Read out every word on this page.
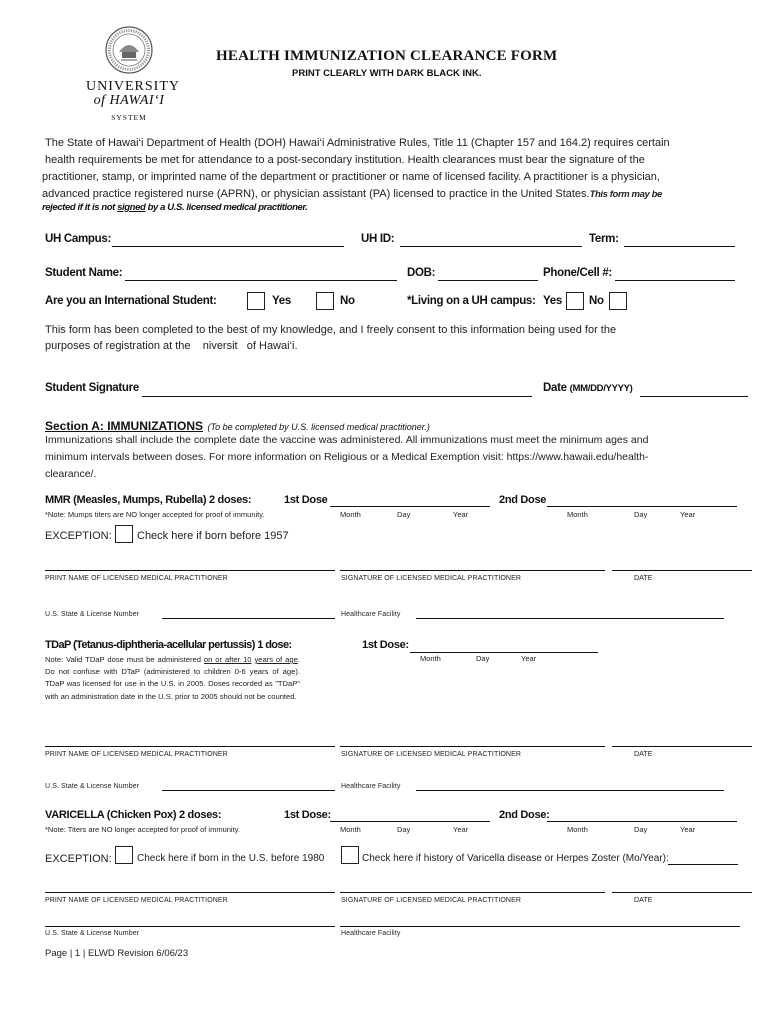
UNIVERSITY
of HAWAI‘I
SYSTEM
HEALTH IMMUNIZATION CLEARANCE FORM
PRINT CLEARLY WITH DARK BLACK INK.
The State of Hawai‘i Department of Health (DOH) Hawai‘i Administrative Rules, Title 11 (Chapter 157 and 164.2) requires certain
health requirements be met for attendance to a post-secondary institution. Health clearances must bear the signature of the
practitioner, stamp, or imprinted name of the department or practitioner or name of licensed facility. A practitioner is a physician,
advanced practice registered nurse (APRN), or physician assistant (PA) licensed to practice in the United States.This form may be
rejected if it is not signed by a U.S. licensed medical practitioner.
UH Campus:	UH ID:	Term:
Student Name:	DOB:	Phone/Cell #:
Are you an International Student:	Yes	No	*Living on a UH campus: Yes No
This form has been completed to the best of my knowledge, and I freely consent to this information being used for the
purposes of registration at the    niversit   of Hawai‘i.
Student Signature	Date (MM/DD/YYYY)
Section A: IMMUNIZATIONS (To be completed by U.S. licensed medical practitioner.)
Immunizations shall include the complete date the vaccine was administered. All immunizations must meet the minimum ages and
minimum intervals between doses. For more information on Religious or a Medical Exemption visit: https://www.hawaii.edu/health-
clearance/.
MMR (Measles, Mumps, Rubella) 2 doses:	1st Dose	2nd Dose
*Note: Mumps titers are NO longer accepted for proof of immunity.	Month	Day	Year	Month	Day	Year
EXCEPTION: Check here if born before 1957
PRINT NAME OF LICENSED MEDICAL PRACTITIONER	SIGNATURE OF LICENSED MEDICAL PRACTITIONER	DATE
U.S. State & License Number	Healthcare Facility
TDaP (Tetanus-diphtheria-acellular pertussis) 1 dose:	1st Dose:
Month	Day	Year
Note: Valid TDaP dose must be administered on or after 10 years of age. Do not confuse with DTaP (administered to children 0-6 years of age). TDaP was licensed for use in the U.S. in 2005. Doses recorded as "TDaP" with an administration date in the U.S. prior to 2005 should not be counted.
PRINT NAME OF LICENSED MEDICAL PRACTITIONER	SIGNATURE OF LICENSED MEDICAL PRACTITIONER	DATE
U.S. State & License Number	Healthcare Facility
VARICELLA (Chicken Pox) 2 doses:	1st Dose:	2nd Dose:
*Note: Titers are NO longer accepted for proof of immunity.	Month	Day	Year	Month	Day	Year
EXCEPTION:	Check here if born in the U.S. before 1980	Check here if history of Varicella disease or Herpes Zoster (Mo/Year):
PRINT NAME OF LICENSED MEDICAL PRACTITIONER	SIGNATURE OF LICENSED MEDICAL PRACTITIONER	DATE
U.S. State & License Number	Healthcare Facility
Page | 1 | ELWD Revision 6/06/23
